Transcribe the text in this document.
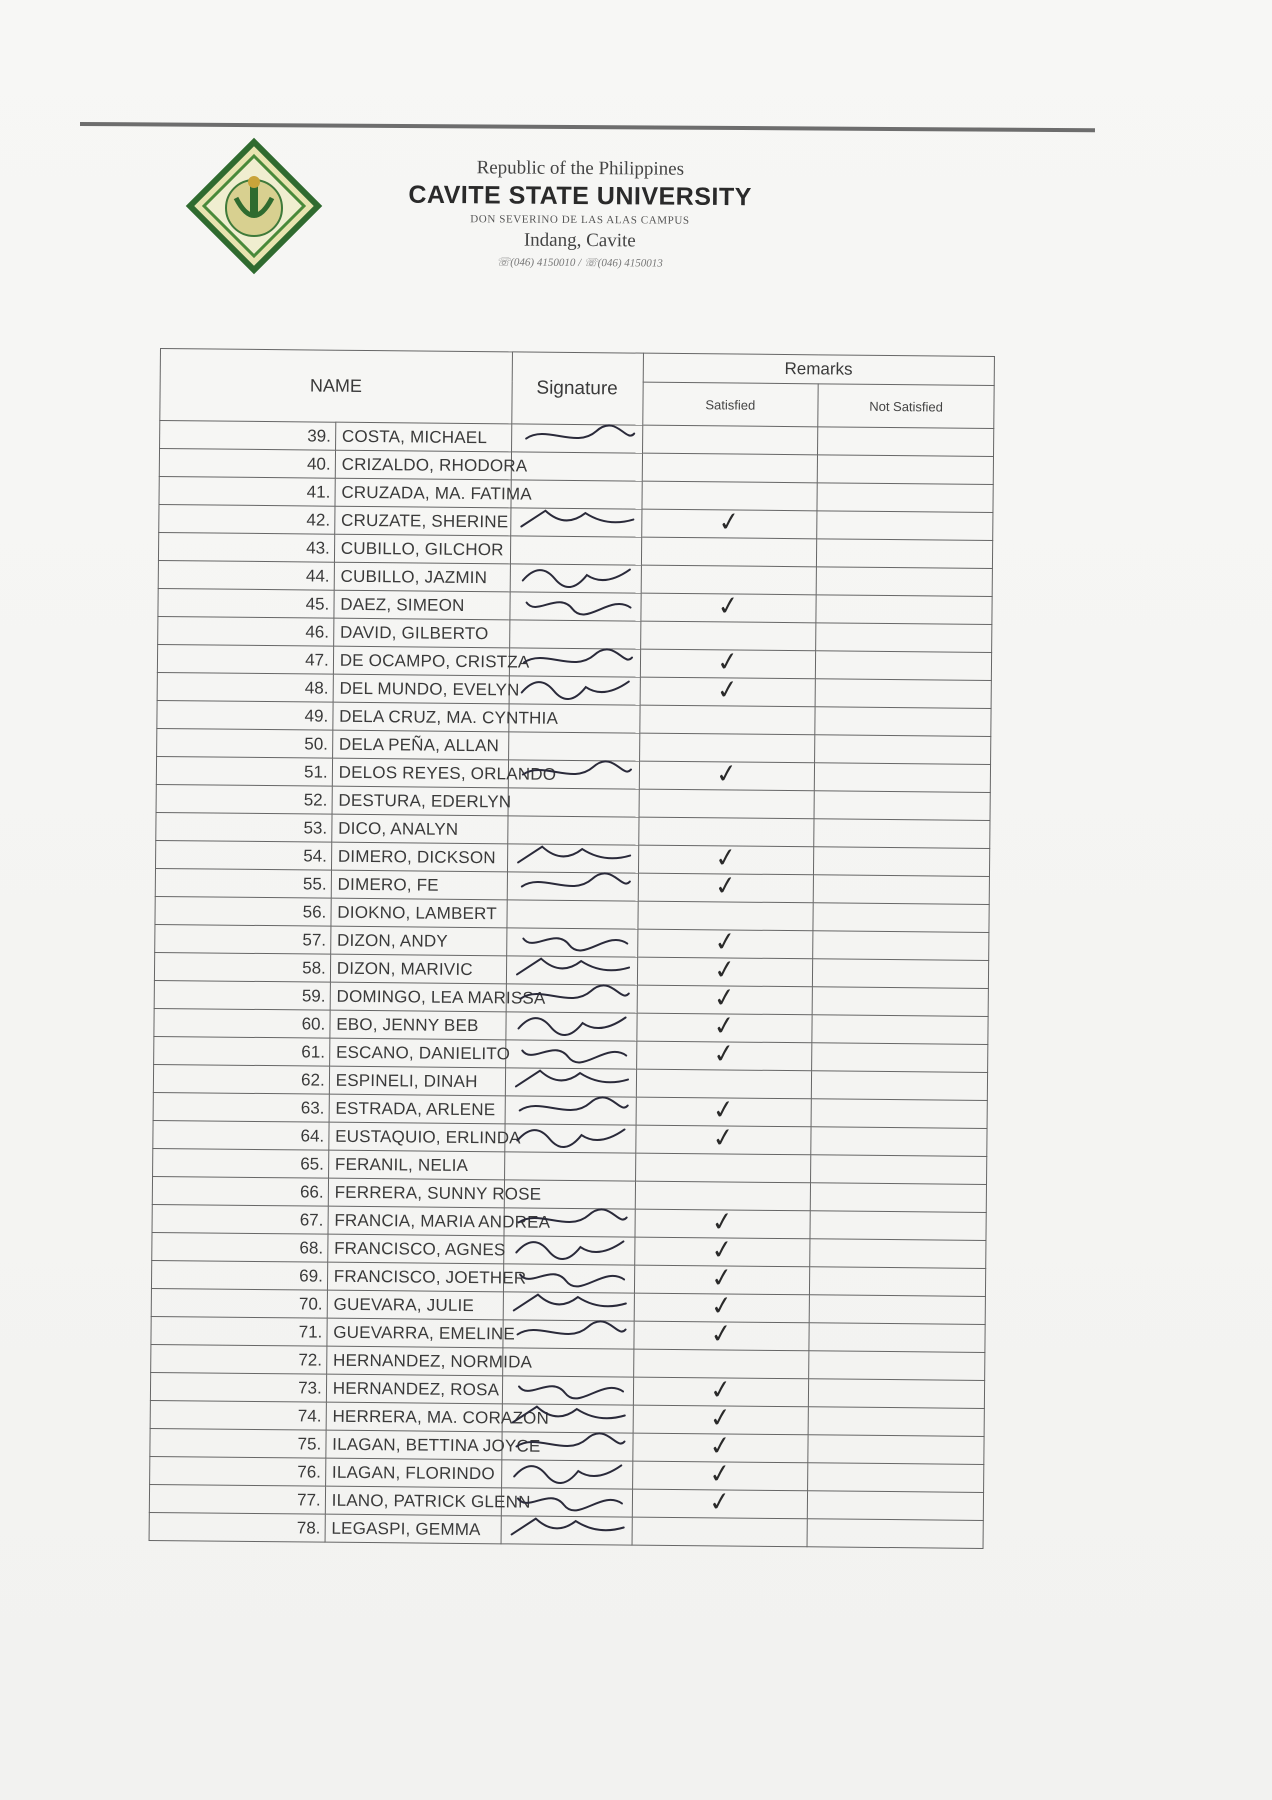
Republic of the Philippines
CAVITE STATE UNIVERSITY
DON SEVERINO DE LAS ALAS CAMPUS
Indang, Cavite
☏(046) 4150010 / ☏(046) 4150013
NAME		Signature	Remarks	
			Satisfied	Not Satisfied
39.	COSTA, MICHAEL	

40.	CRIZALDO, RHODORA			
41.	CRUZADA, MA. FATIMA			
42.	CRUZATE, SHERINE		✓	
43.	CUBILLO, GILCHOR			
44.	CUBILLO, JAZMIN	

45.	DAEZ, SIMEON		✓	
46.	DAVID, GILBERTO			
47.	DE OCAMPO, CRISTZA		✓	
48.	DEL MUNDO, EVELYN		✓	
49.	DELA CRUZ, MA. CYNTHIA			
50.	DELA PEÑA, ALLAN			
51.	DELOS REYES, ORLANDO		✓	
52.	DESTURA, EDERLYN			
53.	DICO, ANALYN			
54.	DIMERO, DICKSON		✓	
55.	DIMERO, FE		✓	
56.	DIOKNO, LAMBERT			
57.	DIZON, ANDY		✓	
58.	DIZON, MARIVIC		✓	
59.	DOMINGO, LEA MARISSA		✓	
60.	EBO, JENNY BEB		✓	
61.	ESCANO, DANIELITO		✓	
62.	ESPINELI, DINAH	

63.	ESTRADA, ARLENE		✓	
64.	EUSTAQUIO, ERLINDA		✓	
65.	FERANIL, NELIA			
66.	FERRERA, SUNNY ROSE			
67.	FRANCIA, MARIA ANDREA		✓	
68.	FRANCISCO, AGNES		✓	
69.	FRANCISCO, JOETHER		✓	
70.	GUEVARA, JULIE		✓	
71.	GUEVARRA, EMELINE		✓	
72.	HERNANDEZ, NORMIDA			
73.	HERNANDEZ, ROSA		✓	
74.	HERRERA, MA. CORAZON		✓	
75.	ILAGAN, BETTINA JOYCE		✓	
76.	ILAGAN, FLORINDO		✓	
77.	ILANO, PATRICK GLENN		✓	
78.	LEGASPI, GEMMA	
